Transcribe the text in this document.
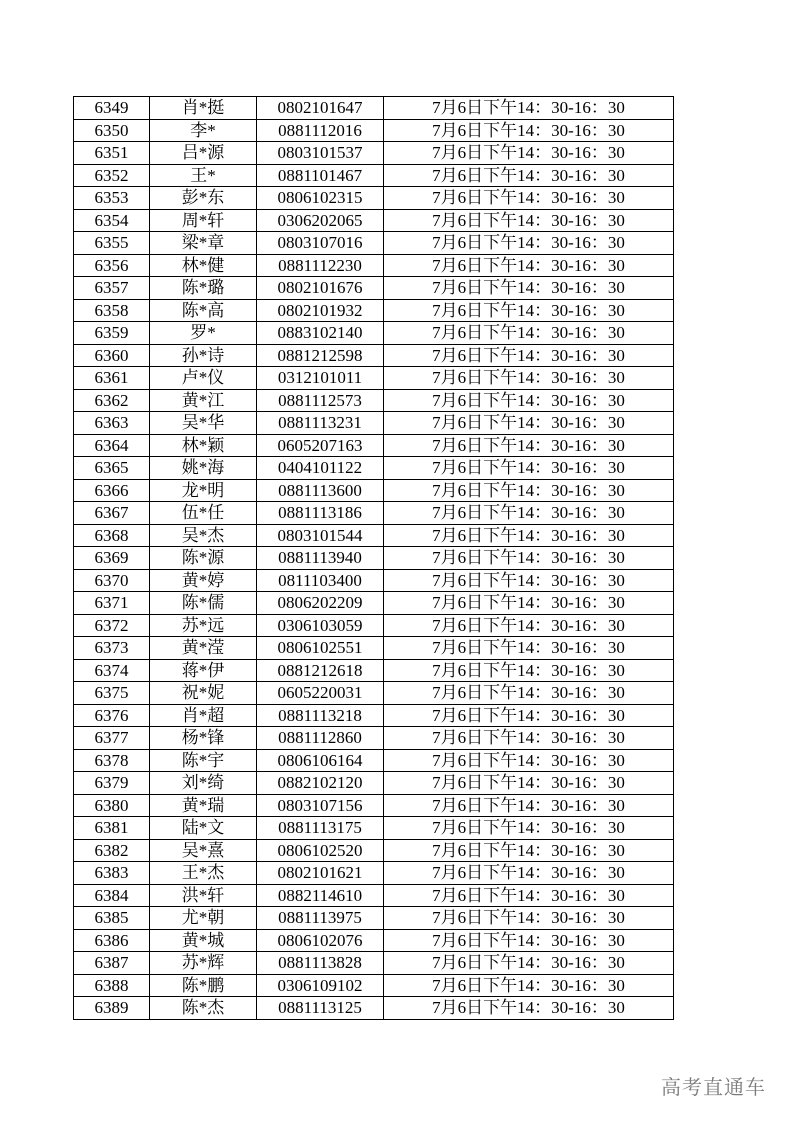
6349	肖*挺	0802101647	7月6日下午14：30-16：30
6350	李*	0881112016	7月6日下午14：30-16：30
6351	吕*源	0803101537	7月6日下午14：30-16：30
6352	王*	0881101467	7月6日下午14：30-16：30
6353	彭*东	0806102315	7月6日下午14：30-16：30
6354	周*轩	0306202065	7月6日下午14：30-16：30
6355	梁*章	0803107016	7月6日下午14：30-16：30
6356	林*健	0881112230	7月6日下午14：30-16：30
6357	陈*璐	0802101676	7月6日下午14：30-16：30
6358	陈*高	0802101932	7月6日下午14：30-16：30
6359	罗*	0883102140	7月6日下午14：30-16：30
6360	孙*诗	0881212598	7月6日下午14：30-16：30
6361	卢*仪	0312101011	7月6日下午14：30-16：30
6362	黄*江	0881112573	7月6日下午14：30-16：30
6363	吴*华	0881113231	7月6日下午14：30-16：30
6364	林*颖	0605207163	7月6日下午14：30-16：30
6365	姚*海	0404101122	7月6日下午14：30-16：30
6366	龙*明	0881113600	7月6日下午14：30-16：30
6367	伍*任	0881113186	7月6日下午14：30-16：30
6368	吴*杰	0803101544	7月6日下午14：30-16：30
6369	陈*源	0881113940	7月6日下午14：30-16：30
6370	黄*婷	0811103400	7月6日下午14：30-16：30
6371	陈*儒	0806202209	7月6日下午14：30-16：30
6372	苏*远	0306103059	7月6日下午14：30-16：30
6373	黄*滢	0806102551	7月6日下午14：30-16：30
6374	蒋*伊	0881212618	7月6日下午14：30-16：30
6375	祝*妮	0605220031	7月6日下午14：30-16：30
6376	肖*超	0881113218	7月6日下午14：30-16：30
6377	杨*锋	0881112860	7月6日下午14：30-16：30
6378	陈*宇	0806106164	7月6日下午14：30-16：30
6379	刘*绮	0882102120	7月6日下午14：30-16：30
6380	黄*瑞	0803107156	7月6日下午14：30-16：30
6381	陆*文	0881113175	7月6日下午14：30-16：30
6382	吴*熹	0806102520	7月6日下午14：30-16：30
6383	王*杰	0802101621	7月6日下午14：30-16：30
6384	洪*轩	0882114610	7月6日下午14：30-16：30
6385	尤*朝	0881113975	7月6日下午14：30-16：30
6386	黄*城	0806102076	7月6日下午14：30-16：30
6387	苏*辉	0881113828	7月6日下午14：30-16：30
6388	陈*鹏	0306109102	7月6日下午14：30-16：30
6389	陈*杰	0881113125	7月6日下午14：30-16：30
高考直通车
